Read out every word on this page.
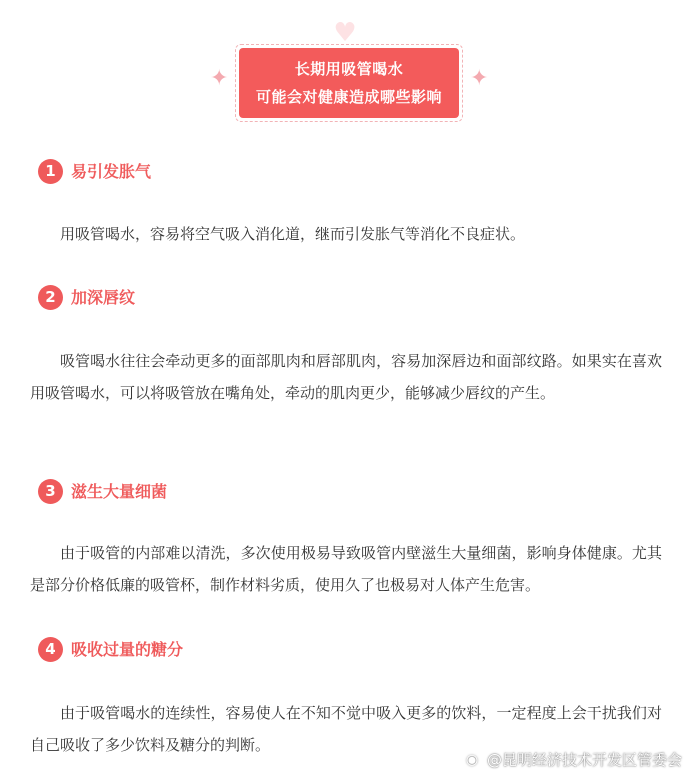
♥
✦	✦
长期用吸管喝水
可能会对健康造成哪些影响
1 易引发胀气
用吸管喝水，容易将空气吸入消化道，继而引发胀气等消化不良症状。
2 加深唇纹
吸管喝水往往会牵动更多的面部肌肉和唇部肌肉，容易加深唇边和面部纹路。如果实在喜欢用吸管喝水，可以将吸管放在嘴角处，牵动的肌肉更少，能够减少唇纹的产生。
3 滋生大量细菌
由于吸管的内部难以清洗，多次使用极易导致吸管内壁滋生大量细菌，影响身体健康。尤其是部分价格低廉的吸管杯，制作材料劣质，使用久了也极易对人体产生危害。
4 吸收过量的糖分
由于吸管喝水的连续性，容易使人在不知不觉中吸入更多的饮料，一定程度上会干扰我们对自己吸收了多少饮料及糖分的判断。
◉ @昆明经济技术开发区管委会
